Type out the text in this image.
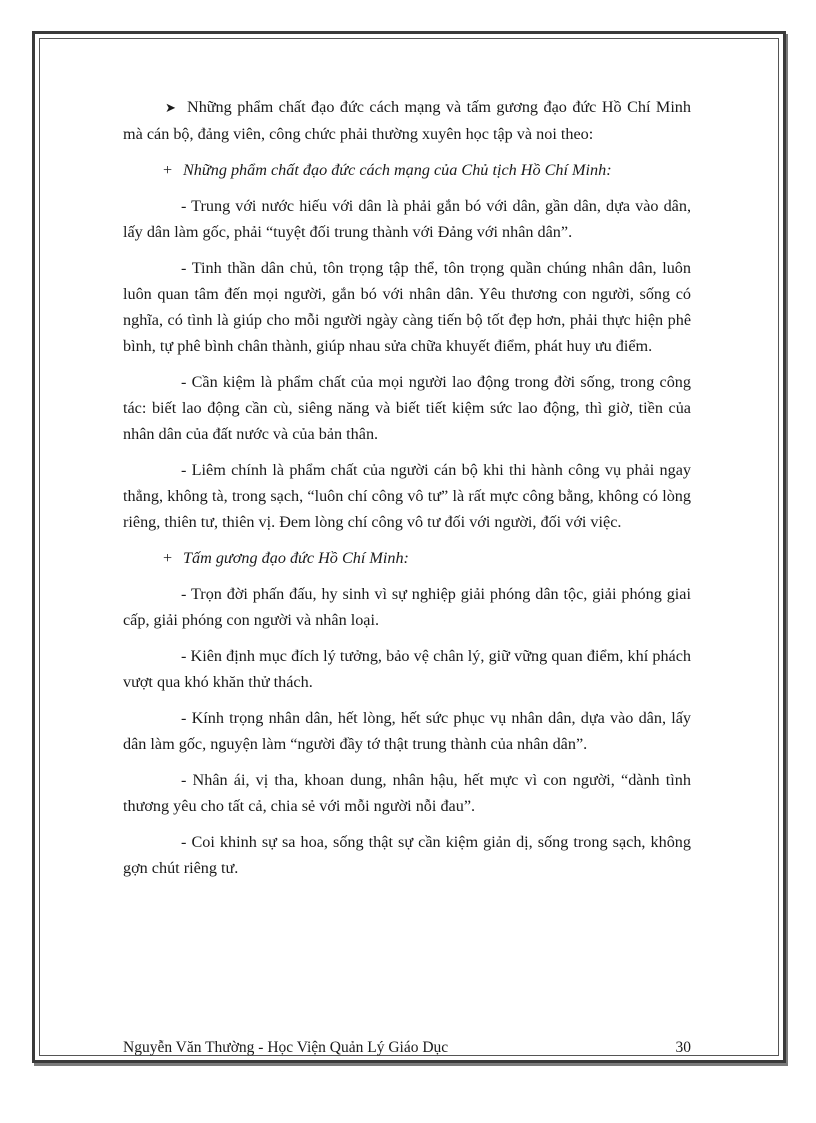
➤ Những phẩm chất đạo đức cách mạng và tấm gương đạo đức Hồ Chí Minh mà cán bộ, đảng viên, công chức phải thường xuyên học tập và noi theo:

+ Những phẩm chất đạo đức cách mạng của Chủ tịch Hồ Chí Minh:

- Trung với nước hiếu với dân là phải gắn bó với dân, gần dân, dựa vào dân, lấy dân làm gốc, phải “tuyệt đối trung thành với Đảng với nhân dân”.

- Tinh thần dân chủ, tôn trọng tập thể, tôn trọng quần chúng nhân dân, luôn luôn quan tâm đến mọi người, gắn bó với nhân dân. Yêu thương con người, sống có nghĩa, có tình là giúp cho mỗi người ngày càng tiến bộ tốt đẹp hơn, phải thực hiện phê bình, tự phê bình chân thành, giúp nhau sửa chữa khuyết điểm, phát huy ưu điểm.

- Cần kiệm là phẩm chất của mọi người lao động trong đời sống, trong công tác: biết lao động cần cù, siêng năng và biết tiết kiệm sức lao động, thì giờ, tiền của nhân dân của đất nước và của bản thân.

- Liêm chính là phẩm chất của người cán bộ khi thi hành công vụ phải ngay thẳng, không tà, trong sạch, “luôn chí công vô tư” là rất mực công bằng, không có lòng riêng, thiên tư, thiên vị. Đem lòng chí công vô tư đối với người, đối với việc.

+ Tấm gương đạo đức Hồ Chí Minh:

- Trọn đời phấn đấu, hy sinh vì sự nghiệp giải phóng dân tộc, giải phóng giai cấp, giải phóng con người và nhân loại.

- Kiên định mục đích lý tưởng, bảo vệ chân lý, giữ vững quan điểm, khí phách vượt qua khó khăn thử thách.

- Kính trọng nhân dân, hết lòng, hết sức phục vụ nhân dân, dựa vào dân, lấy dân làm gốc, nguyện làm “người đầy tớ thật trung thành của nhân dân”.

- Nhân ái, vị tha, khoan dung, nhân hậu, hết mực vì con người, “dành tình thương yêu cho tất cả, chia sẻ với mỗi người nỗi đau”.

- Coi khinh sự sa hoa, sống thật sự cần kiệm giản dị, sống trong sạch, không gợn chút riêng tư.

Nguyễn Văn Thường - Học Viện Quản Lý Giáo Dục	30
